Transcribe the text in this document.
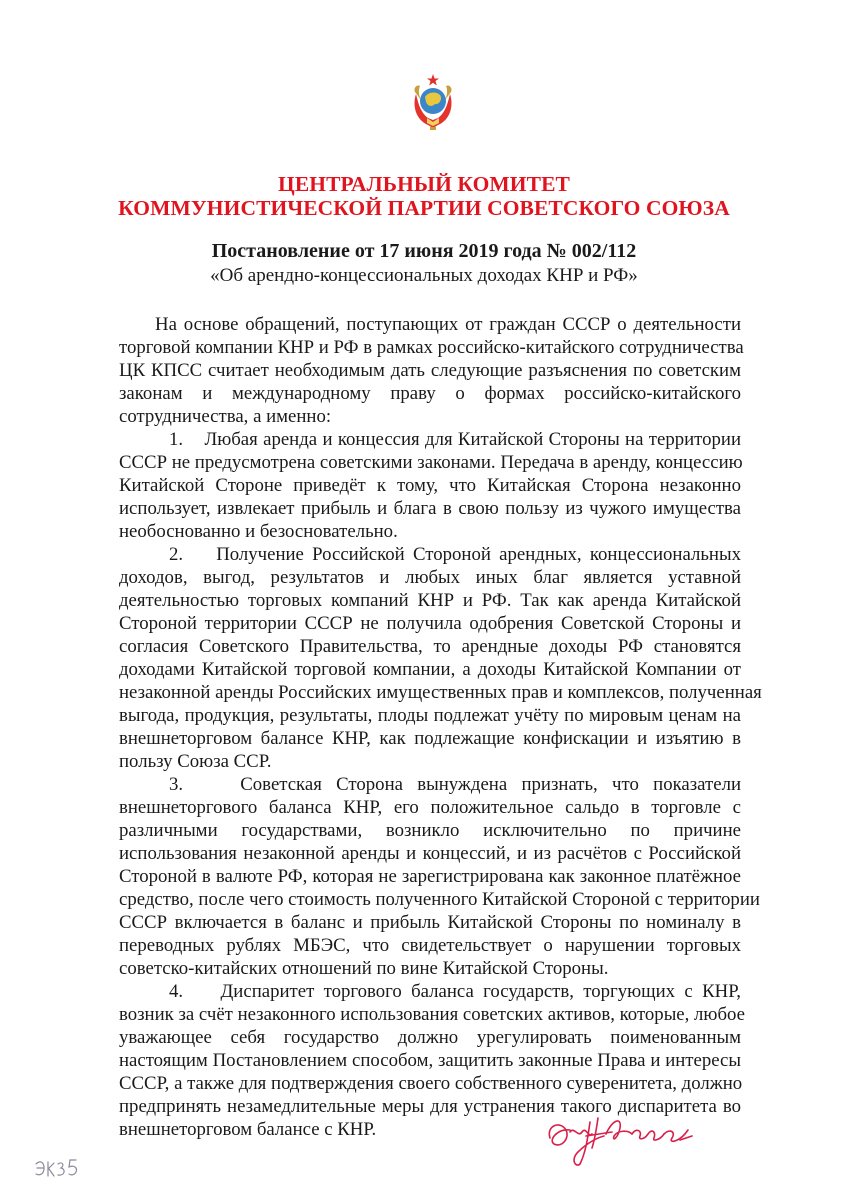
ЦЕНТРАЛЬНЫЙ КОМИТЕТ
КОММУНИСТИЧЕСКОЙ ПАРТИИ СОВЕТСКОГО СОЮЗА
Постановление от 17 июня 2019 года № 002/112
«Об арендно-концессиональных доходах КНР и РФ»
На основе обращений, поступающих от граждан СССР о деятельности
торговой компании КНР и РФ в рамках российско-китайского сотрудничества
ЦК КПСС считает необходимым дать следующие разъяснения по советским
законам и международному праву о формах российско-китайского
сотрудничества, а именно:
1. Любая аренда и концессия для Китайской Стороны на территории
СССР не предусмотрена советскими законами. Передача в аренду, концессию
Китайской Стороне приведёт к тому, что Китайская Сторона незаконно
использует, извлекает прибыль и блага в свою пользу из чужого имущества
необоснованно и безосновательно.
2. Получение Российской Стороной арендных, концессиональных
доходов, выгод, результатов и любых иных благ является уставной
деятельностью торговых компаний КНР и РФ. Так как аренда Китайской
Стороной территории СССР не получила одобрения Советской Стороны и
согласия Советского Правительства, то арендные доходы РФ становятся
доходами Китайской торговой компании, а доходы Китайской Компании от
незаконной аренды Российских имущественных прав и комплексов, полученная
выгода, продукция, результаты, плоды подлежат учёту по мировым ценам на
внешнеторговом балансе КНР, как подлежащие конфискации и изъятию в
пользу Союза ССР.
3.	Советская Сторона вынуждена признать, что показатели
внешнеторгового баланса КНР, его положительное сальдо в торговле с
различными государствами, возникло исключительно по причине
использования незаконной аренды и концессий, и из расчётов с Российской
Стороной в валюте РФ, которая не зарегистрирована как законное платёжное
средство, после чего стоимость полученного Китайской Стороной с территории
СССР включается в баланс и прибыль Китайской Стороны по номиналу в
переводных рублях МБЭС, что свидетельствует о нарушении торговых
советско-китайских отношений по вине Китайской Стороны.
4. Диспаритет торгового баланса государств, торгующих с КНР,
возник за счёт незаконного использования советских активов, которые, любое
уважающее себя государство должно урегулировать поименованным
настоящим Постановлением способом, защитить законные Права и интересы
СССР, а также для подтверждения своего собственного суверенитета, должно
предпринять незамедлительные меры для устранения такого диспаритета во
внешнеторговом балансе с КНР.
